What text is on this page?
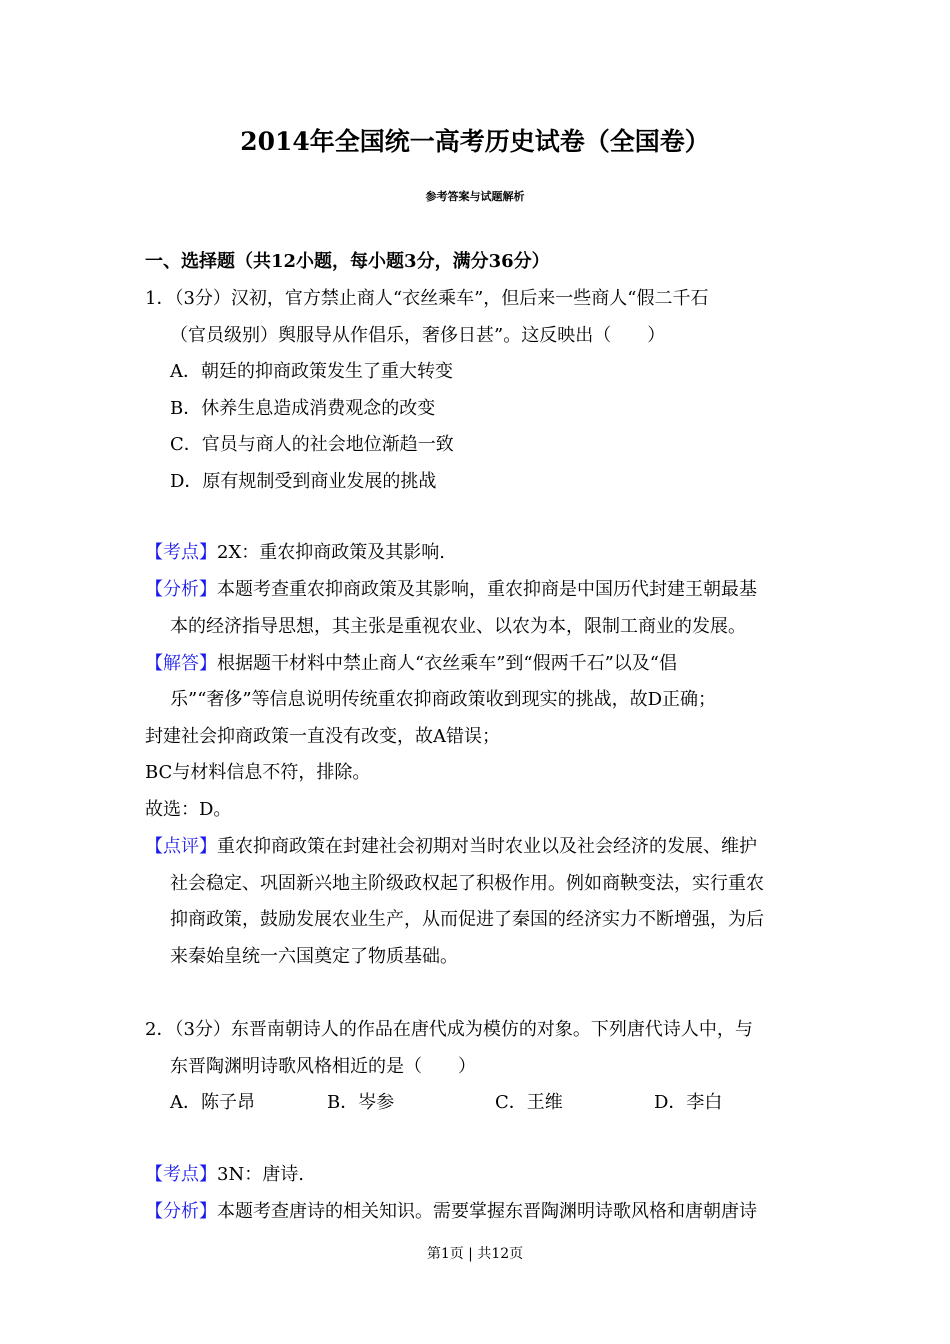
2014年全国统一高考历史试卷（全国卷）
参考答案与试题解析
一、选择题（共12小题，每小题3分，满分36分）
1．（3分）汉初，官方禁止商人“衣丝乘车”，但后来一些商人“假二千石
（官员级别）舆服导从作倡乐，奢侈日甚”。这反映出（　　）
A．朝廷的抑商政策发生了重大转变
B．休养生息造成消费观念的改变
C．官员与商人的社会地位渐趋一致
D．原有规制受到商业发展的挑战
【考点】2X：重农抑商政策及其影响.
【分析】本题考查重农抑商政策及其影响，重农抑商是中国历代封建王朝最基
本的经济指导思想，其主张是重视农业、以农为本，限制工商业的发展。
【解答】根据题干材料中禁止商人“衣丝乘车”到“假两千石”以及“倡
乐”“奢侈”等信息说明传统重农抑商政策收到现实的挑战，故D正确；
封建社会抑商政策一直没有改变，故A错误；
BC与材料信息不符，排除。
故选：D。
【点评】重农抑商政策在封建社会初期对当时农业以及社会经济的发展、维护
社会稳定、巩固新兴地主阶级政权起了积极作用。例如商鞅变法，实行重农
抑商政策，鼓励发展农业生产，从而促进了秦国的经济实力不断增强，为后
来秦始皇统一六国奠定了物质基础。
2．（3分）东晋南朝诗人的作品在唐代成为模仿的对象。下列唐代诗人中，与
东晋陶渊明诗歌风格相近的是（　　）
A．陈子昂	B．岑参	C．王维	D．李白
【考点】3N：唐诗.
【分析】本题考查唐诗的相关知识。需要掌握东晋陶渊明诗歌风格和唐朝唐诗
第1页 | 共12页
